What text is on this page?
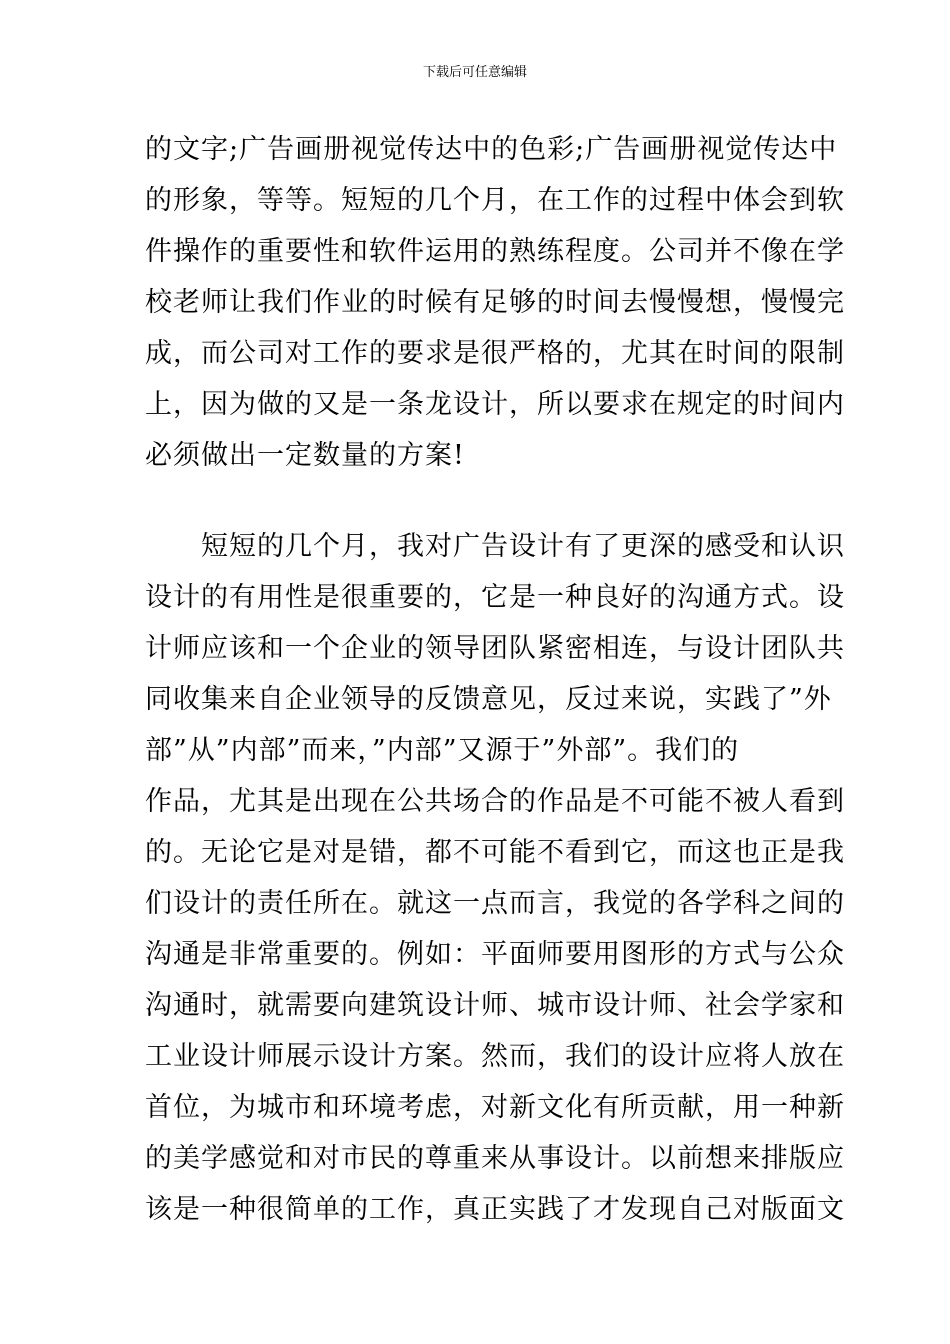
下载后可任意编辑
的文字;广告画册视觉传达中的色彩;广告画册视觉传达中
的形象，等等。短短的几个月，在工作的过程中体会到软
件操作的重要性和软件运用的熟练程度。公司并不像在学
校老师让我们作业的时候有足够的时间去慢慢想，慢慢完
成，而公司对工作的要求是很严格的，尤其在时间的限制
上，因为做的又是一条龙设计，所以要求在规定的时间内
必须做出一定数量的方案!
　　短短的几个月，我对广告设计有了更深的感受和认识
设计的有用性是很重要的，它是一种良好的沟通方式。设
计师应该和一个企业的领导团队紧密相连，与设计团队共
同收集来自企业领导的反馈意见，反过来说，实践了”外
部”从”内部”而来，”内部”又源于”外部”。我们的
作品，尤其是出现在公共场合的作品是不可能不被人看到
的。无论它是对是错，都不可能不看到它，而这也正是我
们设计的责任所在。就这一点而言，我觉的各学科之间的
沟通是非常重要的。例如：平面师要用图形的方式与公众
沟通时，就需要向建筑设计师、城市设计师、社会学家和
工业设计师展示设计方案。然而，我们的设计应将人放在
首位，为城市和环境考虑，对新文化有所贡献，用一种新
的美学感觉和对市民的尊重来从事设计。以前想来排版应
该是一种很简单的工作，真正实践了才发现自己对版面文
